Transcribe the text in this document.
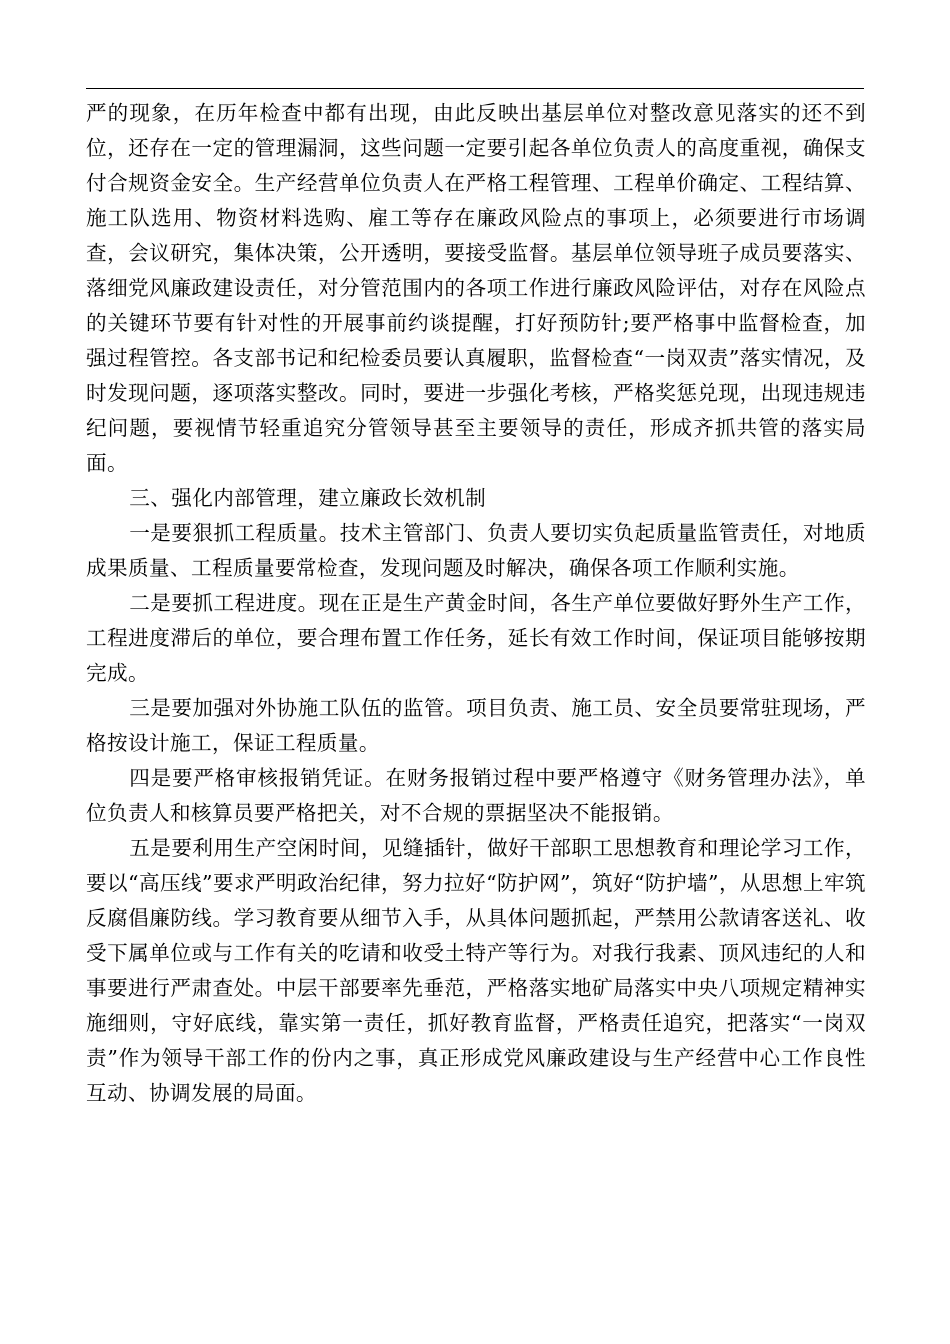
严的现象，在历年检查中都有出现，由此反映出基层单位对整改意见落实的还不到位，还存在一定的管理漏洞，这些问题一定要引起各单位负责人的高度重视，确保支付合规资金安全。生产经营单位负责人在严格工程管理、工程单价确定、工程结算、施工队选用、物资材料选购、雇工等存在廉政风险点的事项上，必须要进行市场调查，会议研究，集体决策，公开透明，要接受监督。基层单位领导班子成员要落实、落细党风廉政建设责任，对分管范围内的各项工作进行廉政风险评估，对存在风险点的关键环节要有针对性的开展事前约谈提醒，打好预防针;要严格事中监督检查，加强过程管控。各支部书记和纪检委员要认真履职，监督检查“一岗双责”落实情况，及时发现问题，逐项落实整改。同时，要进一步强化考核，严格奖惩兑现，出现违规违纪问题，要视情节轻重追究分管领导甚至主要领导的责任，形成齐抓共管的落实局面。

三、强化内部管理，建立廉政长效机制

一是要狠抓工程质量。技术主管部门、负责人要切实负起质量监管责任，对地质成果质量、工程质量要常检查，发现问题及时解决，确保各项工作顺利实施。

二是要抓工程进度。现在正是生产黄金时间，各生产单位要做好野外生产工作，工程进度滞后的单位，要合理布置工作任务，延长有效工作时间，保证项目能够按期完成。

三是要加强对外协施工队伍的监管。项目负责、施工员、安全员要常驻现场，严格按设计施工，保证工程质量。

四是要严格审核报销凭证。在财务报销过程中要严格遵守《财务管理办法》，单位负责人和核算员要严格把关，对不合规的票据坚决不能报销。

五是要利用生产空闲时间，见缝插针，做好干部职工思想教育和理论学习工作，要以“高压线”要求严明政治纪律，努力拉好“防护网”，筑好“防护墙”，从思想上牢筑反腐倡廉防线。学习教育要从细节入手，从具体问题抓起，严禁用公款请客送礼、收受下属单位或与工作有关的吃请和收受土特产等行为。对我行我素、顶风违纪的人和事要进行严肃查处。中层干部要率先垂范，严格落实地矿局落实中央八项规定精神实施细则，守好底线，靠实第一责任，抓好教育监督，严格责任追究，把落实“一岗双责”作为领导干部工作的份内之事，真正形成党风廉政建设与生产经营中心工作良性互动、协调发展的局面。
